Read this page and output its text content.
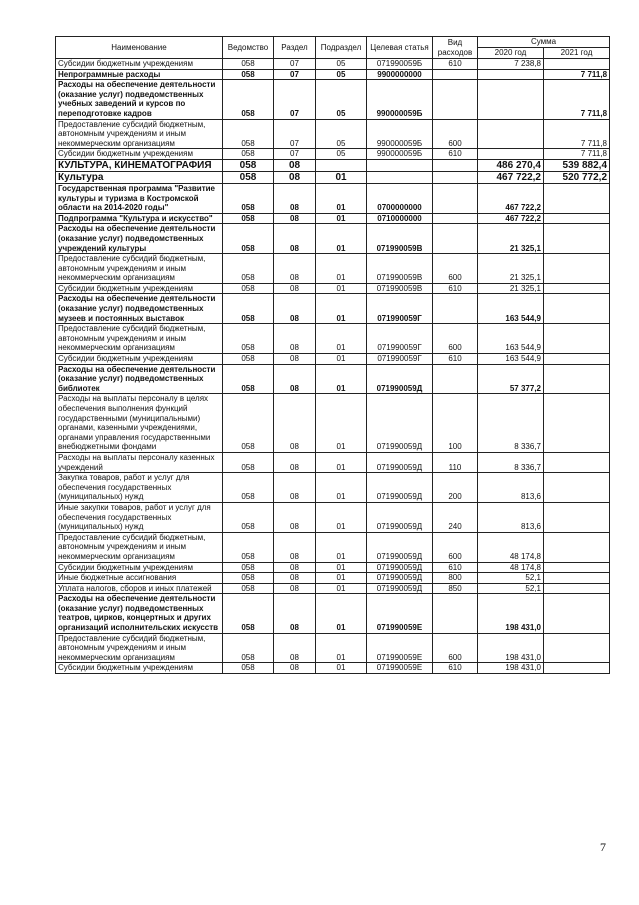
Наименование	Ведомство	Раздел	Подраздел	Целевая статья	Вид расходов	Сумма	
						2020 год	2021 год
Субсидии бюджетным учреждениям	058	07	05	071990059Б	610	7 238,8	
Непрограммные расходы	058	07	05	9900000000			7 711,8
Расходы на обеспечение деятельности (оказание услуг) подведомственных учебных заведений и курсов по переподготовке кадров	058	07	05	990000059Б			7 711,8
Предоставление субсидий бюджетным, автономным учреждениям и иным некоммерческим организациям	058	07	05	990000059Б	600		7 711,8
Субсидии бюджетным учреждениям	058	07	05	990000059Б	610		7 711,8
КУЛЬТУРА, КИНЕМАТОГРАФИЯ	058	08				486 270,4	539 882,4
Культура	058	08	01			467 722,2	520 772,2
Государственная программа "Развитие культуры и туризма в Костромской области на 2014-2020 годы"	058	08	01	0700000000		467 722,2	
Подпрограмма "Культура и искусство"	058	08	01	0710000000		467 722,2	
Расходы на обеспечение деятельности (оказание услуг) подведомственных учреждений культуры	058	08	01	071990059В		21 325,1	
Предоставление субсидий бюджетным, автономным учреждениям и иным некоммерческим организациям	058	08	01	071990059В	600	21 325,1	
Субсидии бюджетным учреждениям	058	08	01	071990059В	610	21 325,1	
Расходы на обеспечение деятельности (оказание услуг) подведомственных музеев и постоянных выставок	058	08	01	071990059Г		163 544,9	
Предоставление субсидий бюджетным, автономным учреждениям и иным некоммерческим организациям	058	08	01	071990059Г	600	163 544,9	
Субсидии бюджетным учреждениям	058	08	01	071990059Г	610	163 544,9	
Расходы на обеспечение деятельности (оказание услуг) подведомственных библиотек	058	08	01	071990059Д		57 377,2	
Расходы на выплаты персоналу в целях обеспечения выполнения функций государственными (муниципальными) органами, казенными учреждениями, органами управления государственными внебюджетными фондами	058	08	01	071990059Д	100	8 336,7	
Расходы на выплаты персоналу казенных учреждений	058	08	01	071990059Д	110	8 336,7	
Закупка товаров, работ и услуг для обеспечения государственных (муниципальных) нужд	058	08	01	071990059Д	200	813,6	
Иные закупки товаров, работ и услуг для обеспечения государственных (муниципальных) нужд	058	08	01	071990059Д	240	813,6	
Предоставление субсидий бюджетным, автономным учреждениям и иным некоммерческим организациям	058	08	01	071990059Д	600	48 174,8	
Субсидии бюджетным учреждениям	058	08	01	071990059Д	610	48 174,8	
Иные бюджетные ассигнования	058	08	01	071990059Д	800	52,1	
Уплата налогов, сборов и иных платежей	058	08	01	071990059Д	850	52,1	
Расходы на обеспечение деятельности (оказание услуг) подведомственных театров, цирков, концертных и других организаций исполнительских искусств	058	08	01	071990059Е		198 431,0	
Предоставление субсидий бюджетным, автономным учреждениям и иным некоммерческим организациям	058	08	01	071990059Е	600	198 431,0	
Субсидии бюджетным учреждениям	058	08	01	071990059Е	610	198 431,0	
7
